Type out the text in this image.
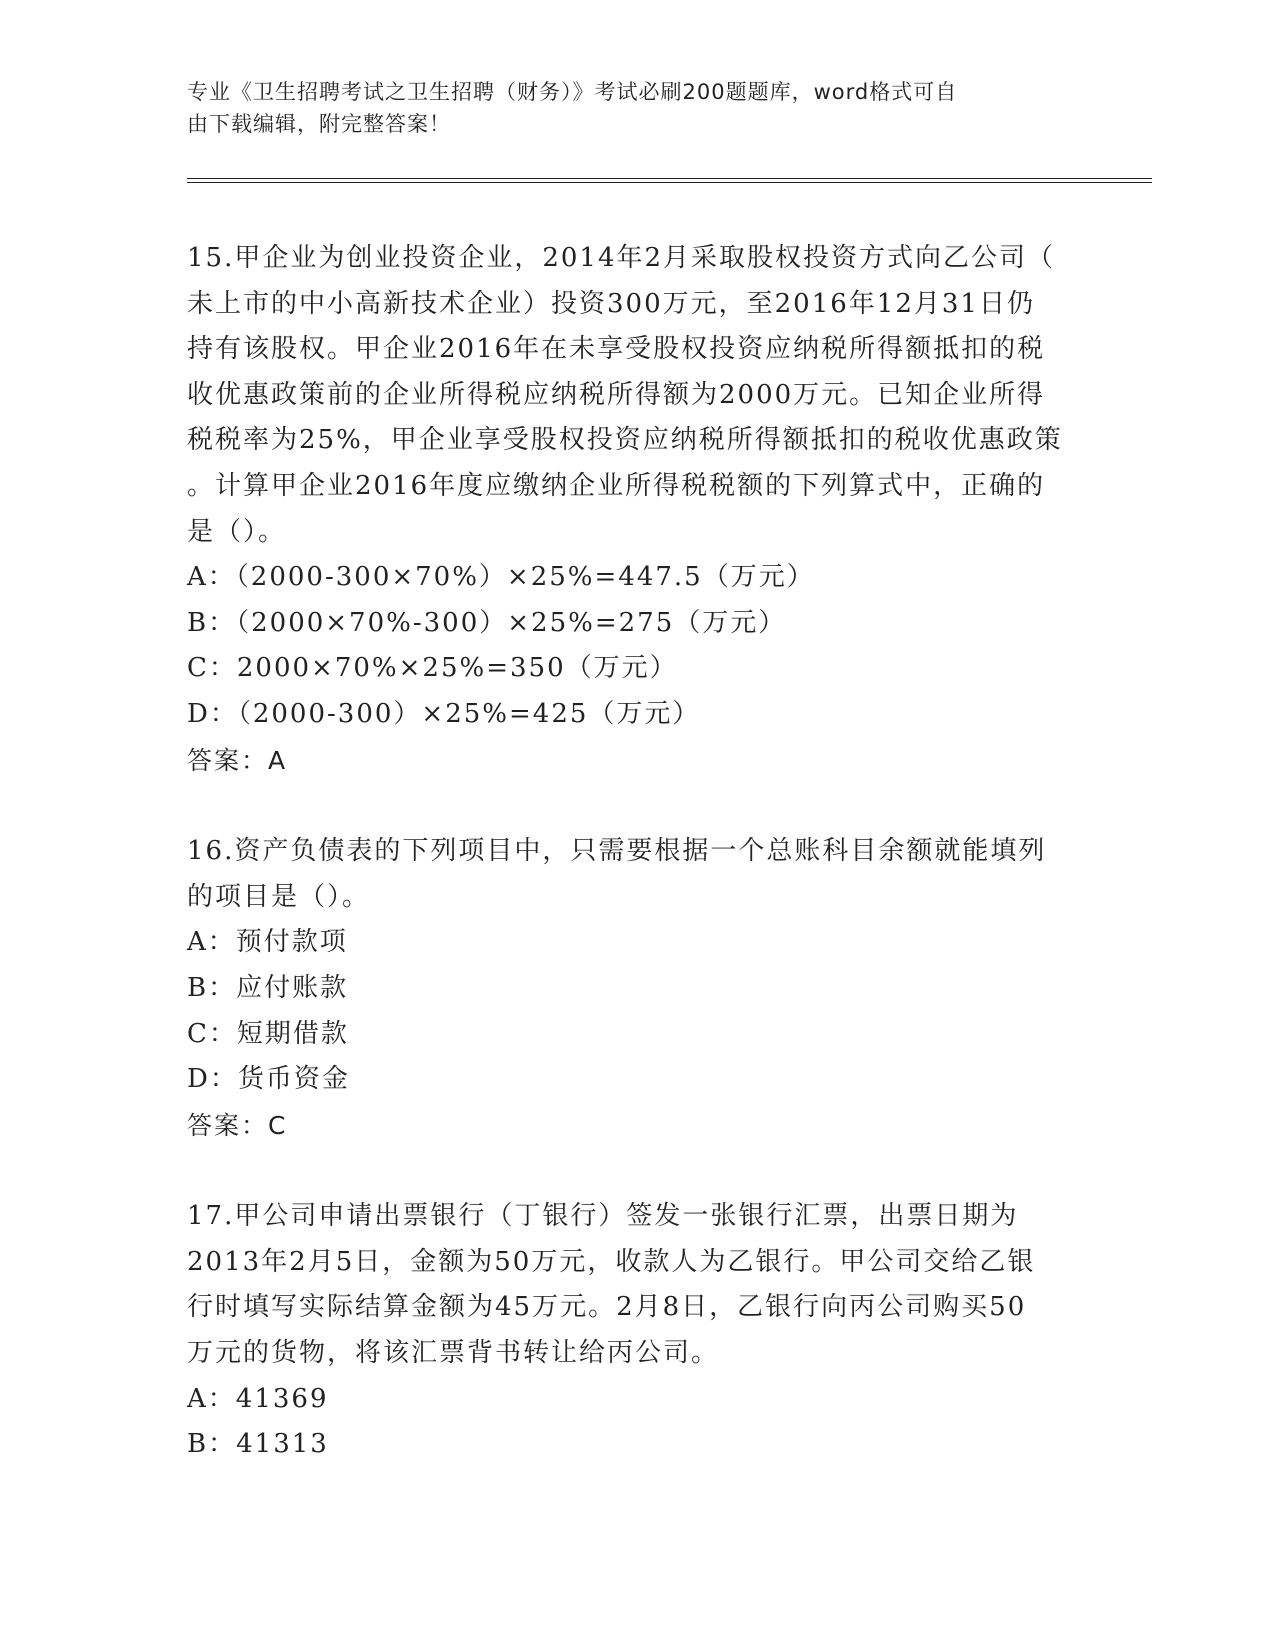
专业《卫生招聘考试之卫生招聘（财务）》考试必刷200题题库，word格式可自
由下载编辑，附完整答案！
15.甲企业为创业投资企业，2014年2月采取股权投资方式向乙公司（
未上市的中小高新技术企业）投资300万元，至2016年12月31日仍
持有该股权。甲企业2016年在未享受股权投资应纳税所得额抵扣的税
收优惠政策前的企业所得税应纳税所得额为2000万元。已知企业所得
税税率为25%，甲企业享受股权投资应纳税所得额抵扣的税收优惠政策
。计算甲企业2016年度应缴纳企业所得税税额的下列算式中，正确的
是（）。
A：（2000-300×70%）×25%=447.5（万元）
B：（2000×70%-300）×25%=275（万元）
C：2000×70%×25%=350（万元）
D：（2000-300）×25%=425（万元）
答案：A
16.资产负债表的下列项目中，只需要根据一个总账科目余额就能填列
的项目是（）。
A：预付款项
B：应付账款
C：短期借款
D：货币资金
答案：C
17.甲公司申请出票银行（丁银行）签发一张银行汇票，出票日期为
2013年2月5日，金额为50万元，收款人为乙银行。甲公司交给乙银
行时填写实际结算金额为45万元。2月8日，乙银行向丙公司购买50
万元的货物，将该汇票背书转让给丙公司。
A：41369
B：41313
